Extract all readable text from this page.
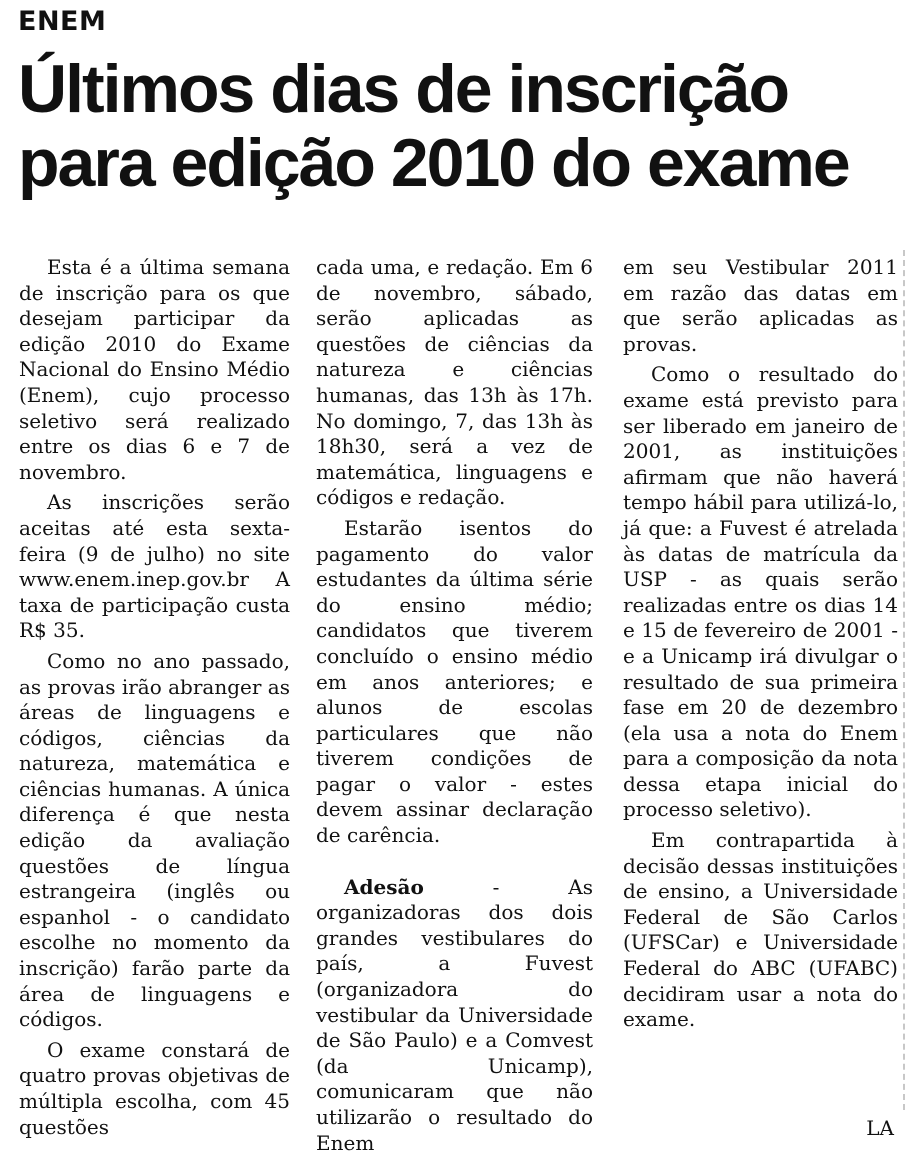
ENEM
Últimos dias de inscrição para edição 2010 do exame

Esta é a última semana de inscrição para os que desejam participar da edição 2010 do Exame Nacional do Ensino Médio (Enem), cujo processo seletivo será realizado entre os dias 6 e 7 de novembro.

As inscrições serão aceitas até esta sexta-feira (9 de julho) no site www.enem.inep.gov.br A taxa de participação custa R$ 35.

Como no ano passado, as provas irão abranger as áreas de linguagens e códigos, ciências da natureza, matemática e ciências humanas. A única diferença é que nesta edição da avaliação questões de língua estrangeira (inglês ou espanhol - o candidato escolhe no momento da inscrição) farão parte da área de linguagens e códigos.

O exame constará de quatro provas objetivas de múltipla escolha, com 45 questões

cada uma, e redação. Em 6 de novembro, sábado, serão aplicadas as questões de ciências da natureza e ciências humanas, das 13h às 17h. No domingo, 7, das 13h às 18h30, será a vez de matemática, linguagens e códigos e redação.

Estarão isentos do pagamento do valor estudantes da última série do ensino médio; candidatos que tiverem concluído o ensino médio em anos anteriores; e alunos de escolas particulares que não tiverem condições de pagar o valor - estes devem assinar declaração de carência.

Adesão - As organizadoras dos dois grandes vestibulares do país, a Fuvest (organizadora do vestibular da Universidade de São Paulo) e a Comvest (da Unicamp), comunicaram que não utilizarão o resultado do Enem

em seu Vestibular 2011 em razão das datas em que serão aplicadas as provas.

Como o resultado do exame está previsto para ser liberado em janeiro de 2001, as instituições afirmam que não haverá tempo hábil para utilizá-lo, já que: a Fuvest é atrelada às datas de matrícula da USP - as quais serão realizadas entre os dias 14 e 15 de fevereiro de 2001 - e a Unicamp irá divulgar o resultado de sua primeira fase em 20 de dezembro (ela usa a nota do Enem para a composição da nota dessa etapa inicial do processo seletivo).

Em contrapartida à decisão dessas instituições de ensino, a Universidade Federal de São Carlos (UFSCar) e Universidade Federal do ABC (UFABC) decidiram usar a nota do exame.

LA
